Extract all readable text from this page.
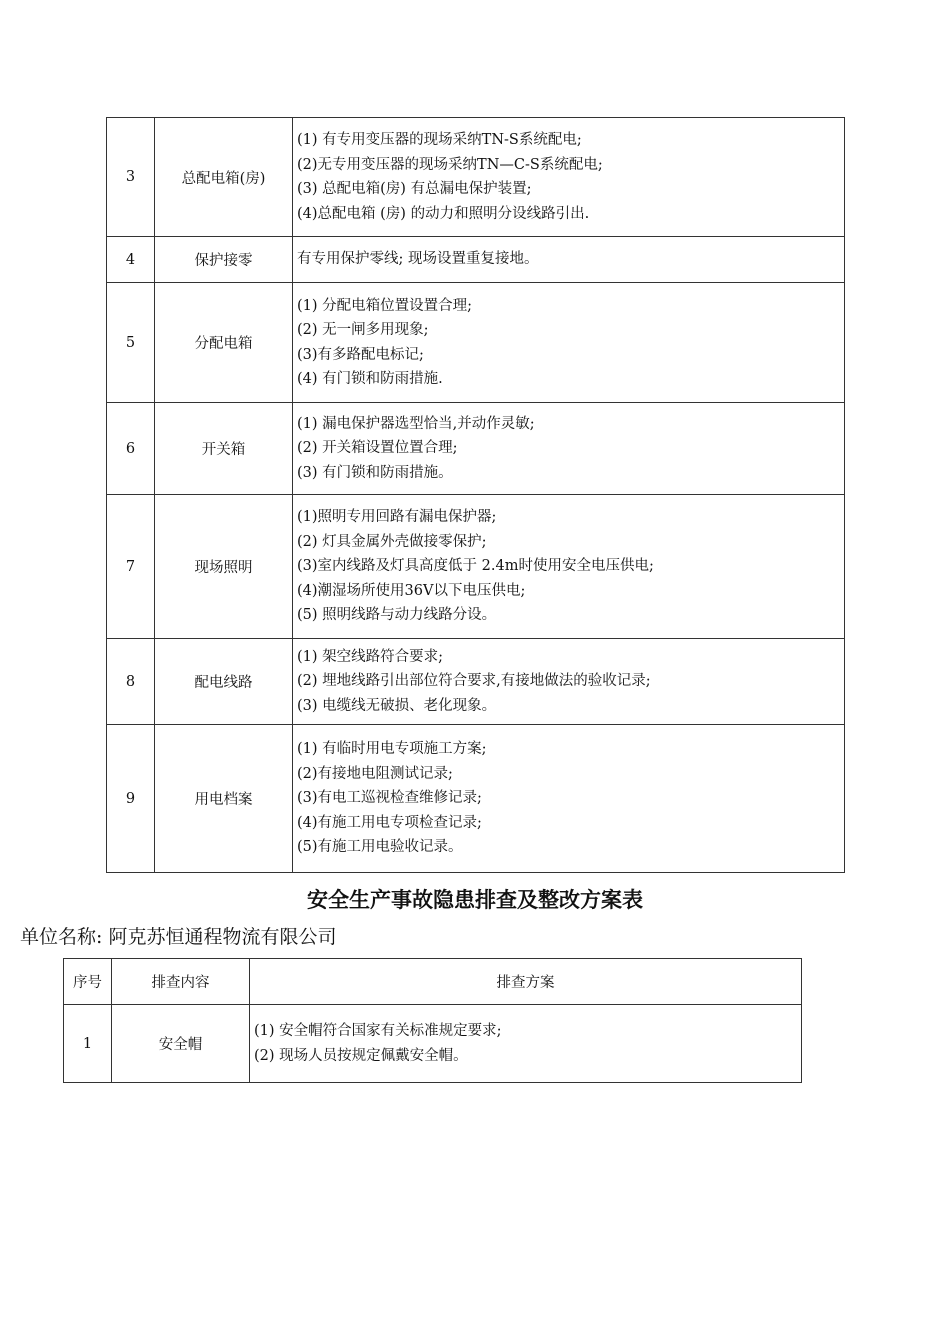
3	总配电箱(房)	(1) 有专用变压器的现场采纳TN-S系统配电;
(2)无专用变压器的现场采纳TN—C-S系统配电;
(3) 总配电箱(房) 有总漏电保护装置;
(4)总配电箱 (房) 的动力和照明分设线路引出.

4	保护接零	有专用保护零线; 现场设置重复接地。

5	分配电箱	(1) 分配电箱位置设置合理;
(2) 无一闸多用现象;
(3)有多路配电标记;
(4) 有门锁和防雨措施.

6	开关箱	(1) 漏电保护器选型恰当,并动作灵敏;
(2) 开关箱设置位置合理;
(3) 有门锁和防雨措施。

7	现场照明	(1)照明专用回路有漏电保护器;
(2) 灯具金属外壳做接零保护;
(3)室内线路及灯具高度低于 2.4m时使用安全电压供电;
(4)潮湿场所使用36V以下电压供电;
(5) 照明线路与动力线路分设。

8	配电线路	(1) 架空线路符合要求;
(2) 埋地线路引出部位符合要求,有接地做法的验收记录;
(3) 电缆线无破损、老化现象。

9	用电档案	(1) 有临时用电专项施工方案;
(2)有接地电阻测试记录;
(3)有电工巡视检查维修记录;
(4)有施工用电专项检查记录;
(5)有施工用电验收记录。
安全生产事故隐患排查及整改方案表
单位名称: 阿克苏恒通程物流有限公司
序号	排查内容	排查方案
1	安全帽	(1) 安全帽符合国家有关标准规定要求;
(2) 现场人员按规定佩戴安全帽。
